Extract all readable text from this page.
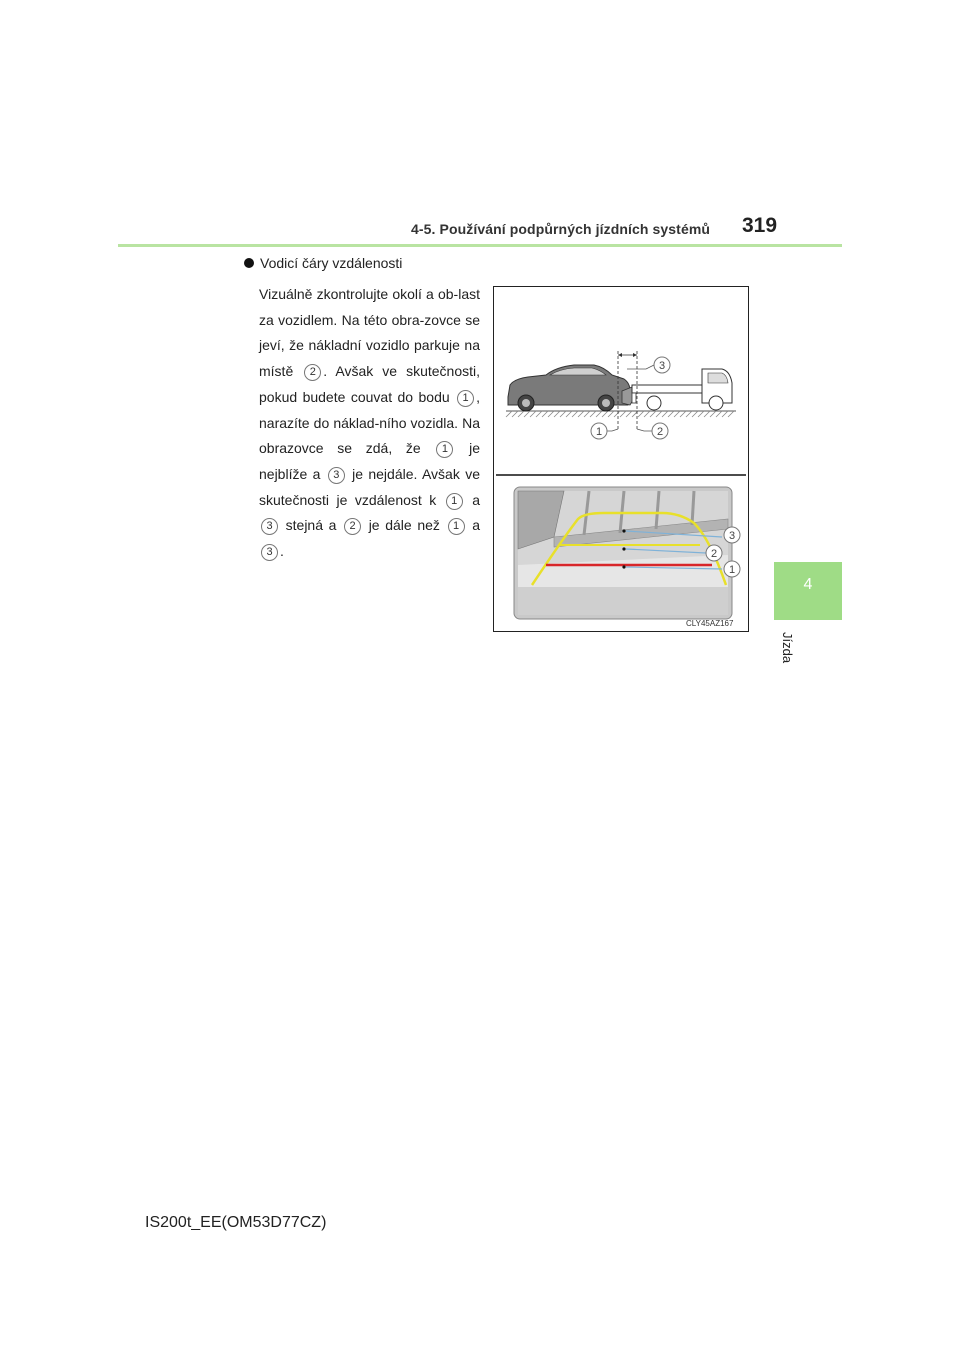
4-5. Používání podpůrných jízdních systémů 319
4
Jízda
Vodicí čáry vzdálenosti
Vizuálně zkontrolujte okolí a ob-last za vozidlem. Na této obra-zovce se jeví, že nákladní vozidlo parkuje na místě 2 . Avšak ve skutečnosti, pokud budete couvat do bodu 1 , narazíte do náklad-ního vozidla. Na obrazovce se zdá, že 1 je nejblíže a 3 je nejdále. Avšak ve skutečnosti je vzdálenost k 1 a 3 stejná a 2 je dále než 1 a 3 .
3
1	2
3
2
1
CLY45AZ167
IS200t_EE(OM53D77CZ)
